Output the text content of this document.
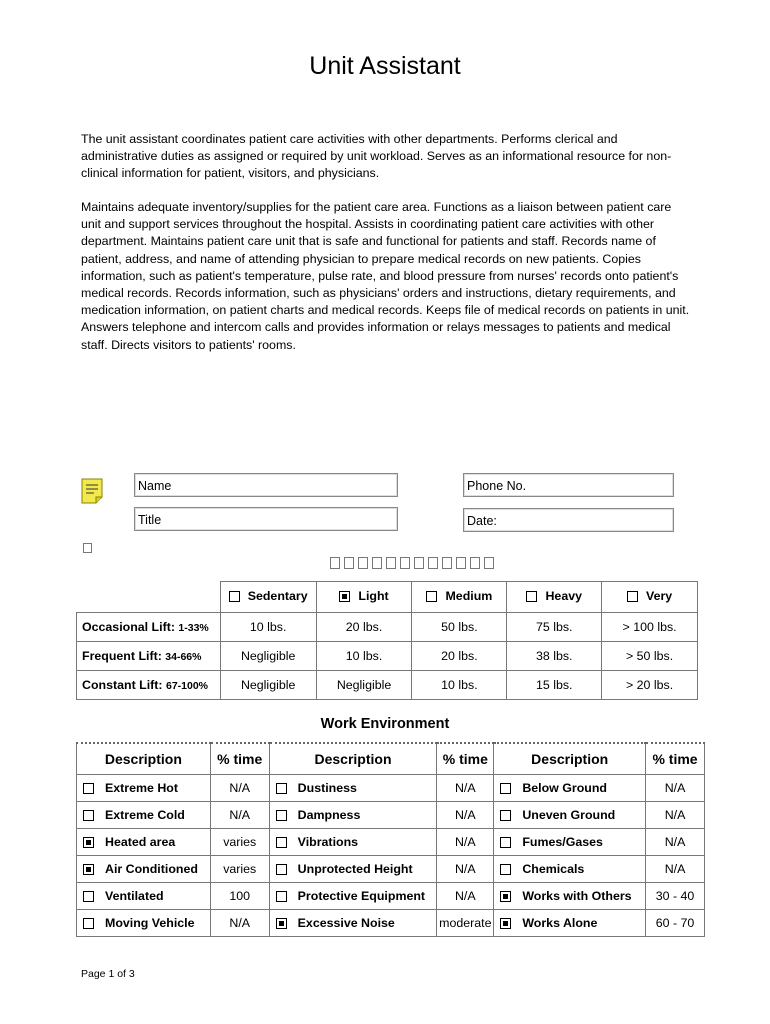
Unit Assistant

The unit assistant coordinates patient care activities with other departments. Performs clerical and administrative duties as assigned or required by unit workload. Serves as an informational resource for non-clinical information for patient, visitors, and physicians.

Maintains adequate inventory/supplies for the patient care area. Functions as a liaison between patient care unit and support services throughout the hospital. Assists in coordinating patient care activities with other department. Maintains patient care unit that is safe and functional for patients and staff. Records name of patient, address, and name of attending physician to prepare medical records on new patients. Copies information, such as patient's temperature, pulse rate, and blood pressure from nurses' records onto patient's medical records. Records information, such as physicians' orders and instructions, dietary requirements, and medication information, on patient charts and medical records. Keeps file of medical records on patients in unit. Answers telephone and intercom calls and provides information or relays messages to patients and medical staff. Directs visitors to patients' rooms.

Name
Title
Phone No.
Date:

	Sedentary	Light	Medium	Heavy	Very

Occasional Lift: 1-33%	10 lbs.	20 lbs.	50 lbs.	75 lbs.	> 100 lbs.
Frequent Lift: 34-66%	Negligible	10 lbs.	20 lbs.	38 lbs.	> 50 lbs.
Constant Lift: 67-100%	Negligible	Negligible	10 lbs.	15 lbs.	> 20 lbs.
Work Environment
Description	% time	Description	% time	Description	% time
Extreme Hot	N/A	Dustiness	N/A	Below Ground	N/A
Extreme Cold	N/A	Dampness	N/A	Uneven Ground	N/A
Heated area	varies	Vibrations	N/A	Fumes/Gases	N/A
Air Conditioned	varies	Unprotected Height	N/A	Chemicals	N/A
Ventilated	100	Protective Equipment	N/A	Works with Others	30 - 40
Moving Vehicle	N/A	Excessive Noise	moderate	Works Alone	60 - 70
Page 1 of 3
